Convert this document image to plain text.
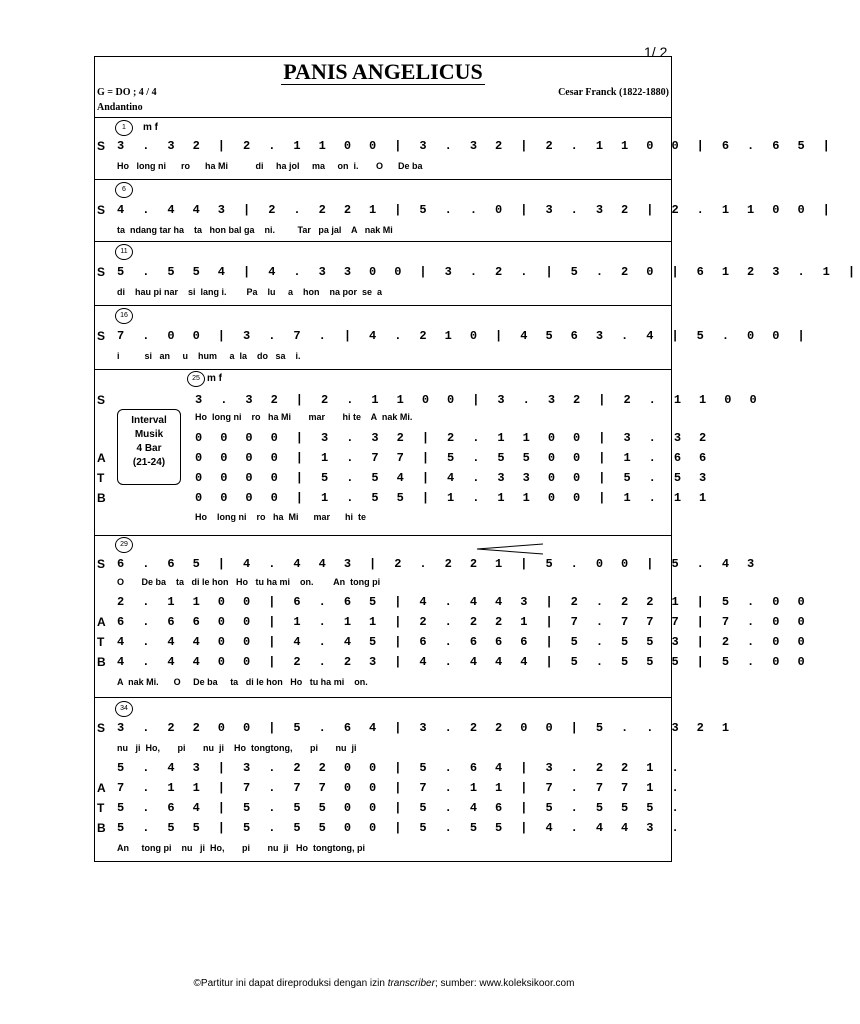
1/ 2
PANIS ANGELICUS
G = DO ; 4 / 4
Andantino
Cesar Franck (1822-1880)
1	m f
S 3 . 3 2 | 2 . 1 1 0 0 | 3 . 3 2 | 2 . 1 1 0 0 | 6 . 6 5 |
Ho   long ni      ro      ha Mi           di     ha jol     ma     on  i.       O      De ba
6
S 4 . 4 4 3 | 2 . 2 2 1 | 5 . . 0 | 3 . 3 2 | 2 . 1 1 0 0 |
ta  ndang tar ha    ta   hon bal ga    ni.         Tar   pa jal    A   nak Mi
11
S 5 . 5 5 4 | 4 . 3 3 0 0 | 3 . 2 . | 5 . 2 0 | 6 1 2 3 . 1 |
di    hau pi nar    si  lang i.        Pa    lu     a    hon    na por  se  a
16
S 7 . 0 0 | 3 . 7 . | 4 . 2 1 0 | 4 5 6 3 . 4 | 5 . 0 0 |
i          si   an     u    hum     a  la    do   sa    i.
25 m f
Interval
Musik
4 Bar
(21-24)
S	3 . 3 2 | 2 . 1 1 0 0 | 3 . 3 2 | 2 . 1 1 0 0
Ho  long ni    ro   ha Mi       mar       hi te    A  nak Mi.
0 0 0 0 | 3 . 3 2 | 2 . 1 1 0 0 | 3 . 3 2
A	0 0 0 0 | 1 . 7 7 | 5 . 5 5 0 0 | 1 . 6 6
T	0 0 0 0 | 5 . 5 4 | 4 . 3 3 0 0 | 5 . 5 3
B	0 0 0 0 | 1 . 5 5 | 1 . 1 1 0 0 | 1 . 1 1
Ho    long ni    ro   ha  Mi      mar      hi  te
29
S 6 . 6 5 | 4 . 4 4 3 | 2 . 2 2 1 | 5 . 0 0 | 5 . 4 3
O       De ba    ta   di le hon   Ho   tu ha mi    on.        An  tong pi
2 . 1 1 0 0 | 6 . 6 5 | 4 . 4 4 3 | 2 . 2 2 1 | 5 . 0 0
A 6 . 6 6 0 0 | 1 . 1 1 | 2 . 2 2 1 | 7 . 7 7 7 | 7 . 0 0
T 4 . 4 4 0 0 | 4 . 4 5 | 6 . 6 6 6 | 5 . 5 5 3 | 2 . 0 0
B 4 . 4 4 0 0 | 2 . 2 3 | 4 . 4 4 4 | 5 . 5 5 5 | 5 . 0 0
A  nak Mi.      O     De ba     ta   di le hon   Ho   tu ha mi    on.
34
S 3 . 2 2 0 0 | 5 . 6 4 | 3 . 2 2 0 0 | 5 . . 3 2 1
nu   ji  Ho,       pi       nu  ji    Ho  tongtong,       pi       nu  ji
5 . 4 3 | 3 . 2 2 0 0 | 5 . 6 4 | 3 . 2 2 1 .
A 7 . 1 1 | 7 . 7 7 0 0 | 7 . 1 1 | 7 . 7 7 1 .
T 5 . 6 4 | 5 . 5 5 0 0 | 5 . 4 6 | 5 . 5 5 5 .
B 5 . 5 5 | 5 . 5 5 0 0 | 5 . 5 5 | 4 . 4 4 3 .
An     tong pi    nu   ji  Ho,       pi       nu  ji   Ho  tongtong, pi
©Partitur ini dapat direproduksi dengan izin transcriber; sumber: www.koleksikoor.com
